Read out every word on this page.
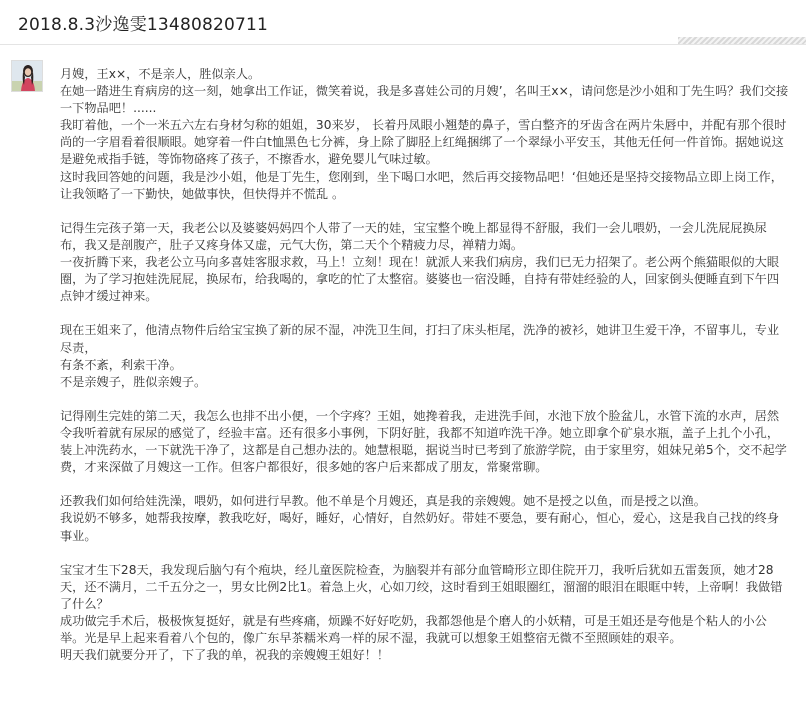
2018.8.3沙逸雯13480820711

月嫂，王x×，不是亲人，胜似亲人。

在她一踏进生育病房的这一刻，她拿出工作证，微笑着说，我是多喜娃公司的月嫂’，名叫王x×，请问您是沙小姐和丁先生吗？我们交接一下物品吧！......

我盯着他，一个一米五六左右身材匀称的姐姐，30来岁， 长着丹凤眼小翘楚的鼻子，雪白整齐的牙齿含在两片朱唇中，并配有那个很时尚的一字眉看着很顺眼。她穿着一件白t恤黑色七分裤，身上除了脚胫上红绳捆绑了一个翠绿小平安玉，其他无任何一件首饰。据她说这是避免戒指手链，等饰物硌疼了孩子，不擦香水，避免婴儿气味过敏。

这时我回答她的问题，我是沙小姐，他是丁先生，您刚到，坐下喝口水吧，然后再交接物品吧！‘但她还是坚持交接物品立即上岗工作，让我领略了一下勤快，她做事快，但快得并不慌乱 。

记得生完孩子第一天，我老公以及婆婆妈妈四个人带了一天的娃，宝宝整个晚上都显得不舒服，我们一会儿喂奶，一会儿洗屁屁换尿布，我又是剖腹产，肚子又疼身体又虚，元气大伤，第二天个个精疲力尽，禅精力竭。

一夜折腾下来，我老公立马向多喜娃客服求救，马上！立刻！现在！就派人来我们病房，我们已无力招架了。老公两个熊猫眼似的大眼圈，为了学习抱娃洗屁屁，换尿布，给我喝的，拿吃的忙了太整宿。婆婆也一宿没睡，自持有带娃经验的人，回家倒头便睡直到下午四点钟才缓过神来。

现在王姐来了，他清点物件后给宝宝换了新的尿不湿，冲洗卫生间，打扫了床头柜尾，洗净的被衫，她讲卫生爱干净，不留事儿，专业尽责，

有条不紊，利索干净。

不是亲嫂子，胜似亲嫂子。

记得刚生完娃的第二天，我怎么也排不出小便，一个字疼？王姐，她搀着我，走进洗手间，水池下放个脸盆儿，水管下流的水声，居然令我听着就有尿尿的感觉了，经验丰富。还有很多小事例，下阴好脏，我都不知道咋洗干净。她立即拿个矿泉水瓶，盖子上扎个小孔，装上冲洗药水，一下就洗干净了，这都是自己想办法的。她慧根聪，据说当时已考到了旅游学院，由于家里穷，姐妹兄弟5个，交不起学费，才来深做了月嫂这一工作。但客户都很好，很多她的客户后来都成了朋友，常聚常聊。

还教我们如何给娃洗澡，喂奶，如何进行早教。他不单是个月嫂还，真是我的亲嫂嫂。她不是授之以鱼，而是授之以渔。

我说奶不够多，她帮我按摩，教我吃好，喝好，睡好，心情好，自然奶好。带娃不要急，要有耐心，恒心，爱心，这是我自己找的终身事业。

宝宝才生下28天，我发现后脑勺有个疱块，经儿童医院检查，为脑裂并有部分血管畸形立即住院开刀，我听后犹如五雷轰顶，她才28天，还不满月，二千五分之一，男女比例2比1。着急上火，心如刀绞，这时看到王姐眼圈红，溜溜的眼泪在眼眶中转，上帝啊！我做错了什么？

成功做完手术后，极极恢复挺好，就是有些疼痛，烦躁不好好吃奶，我都怨他是个磨人的小妖精，可是王姐还是夸他是个粘人的小公举。光是早上起来看着八个包的，像广东早茶糯米鸡一样的尿不湿，我就可以想象王姐整宿无微不至照顾娃的艰辛。

明天我们就要分开了，下了我的单，祝我的亲嫂嫂王姐好！！
